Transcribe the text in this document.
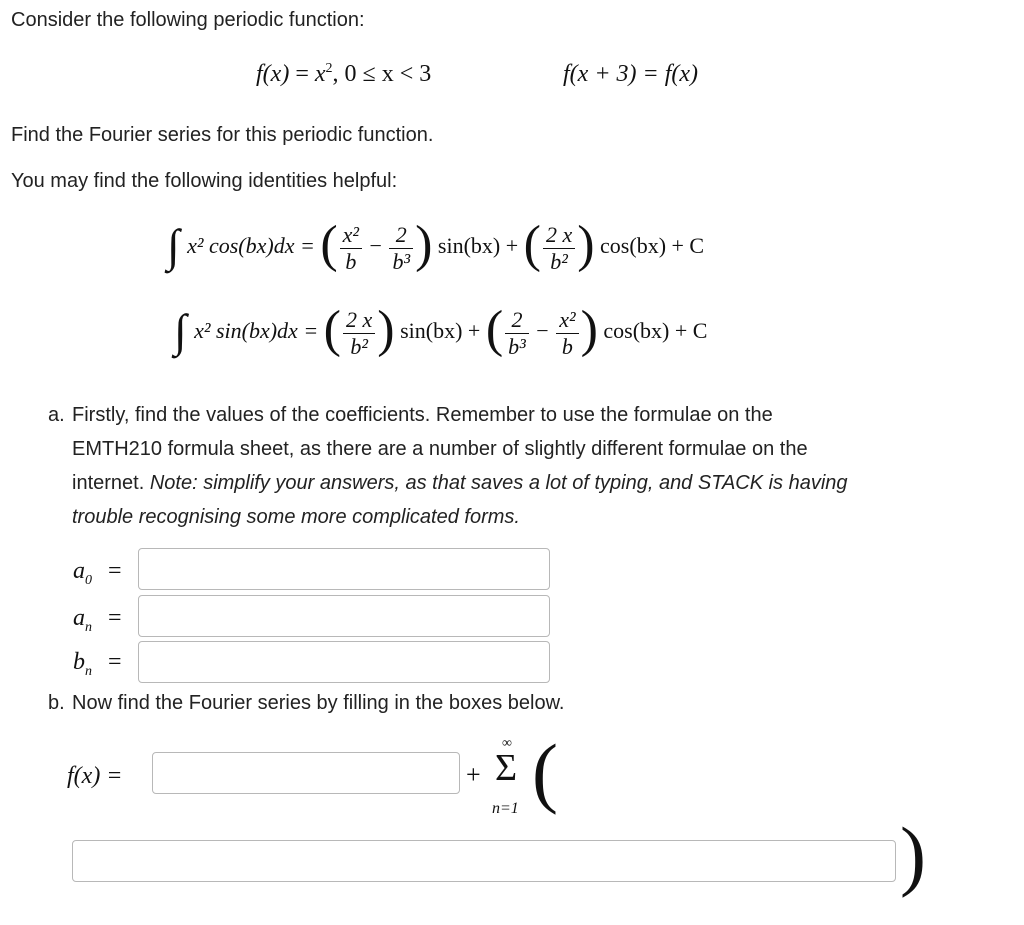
Consider the following periodic function:
$f(x) = x^2$, 0 ≤ x < 3	f(x + 3) = f(x)
Find the Fourier series for this periodic function.
You may find the following identities helpful:
∫ x² cos(bx)dx = ( $\frac{\text{x²}}{b} - \frac{2}{\text{b³}}$ ) sin(bx) + ( $\frac{2 x}{\text{b²}}$ ) cos(bx) + C
∫ x² sin(bx)dx = ( $\frac{2 x}{\text{b²}}$ ) sin(bx) + ( $\frac{2}{\text{b³}} - \frac{\text{x²}}{b}$ ) cos(bx) + C
a. Firstly, find the values of the coefficients. Remember to use the formulae on the
EMTH210 formula sheet, as there are a number of slightly different formulae on the
internet. Note: simplify your answers, as that saves a lot of typing, and STACK is having
trouble recognising some more complicated forms.
$a_0$ =
$a_n$ =
$b_n$ =
b. Now find the Fourier series by filling in the boxes below.
f(x) =	+
∞
Σ
n=1 (
)
